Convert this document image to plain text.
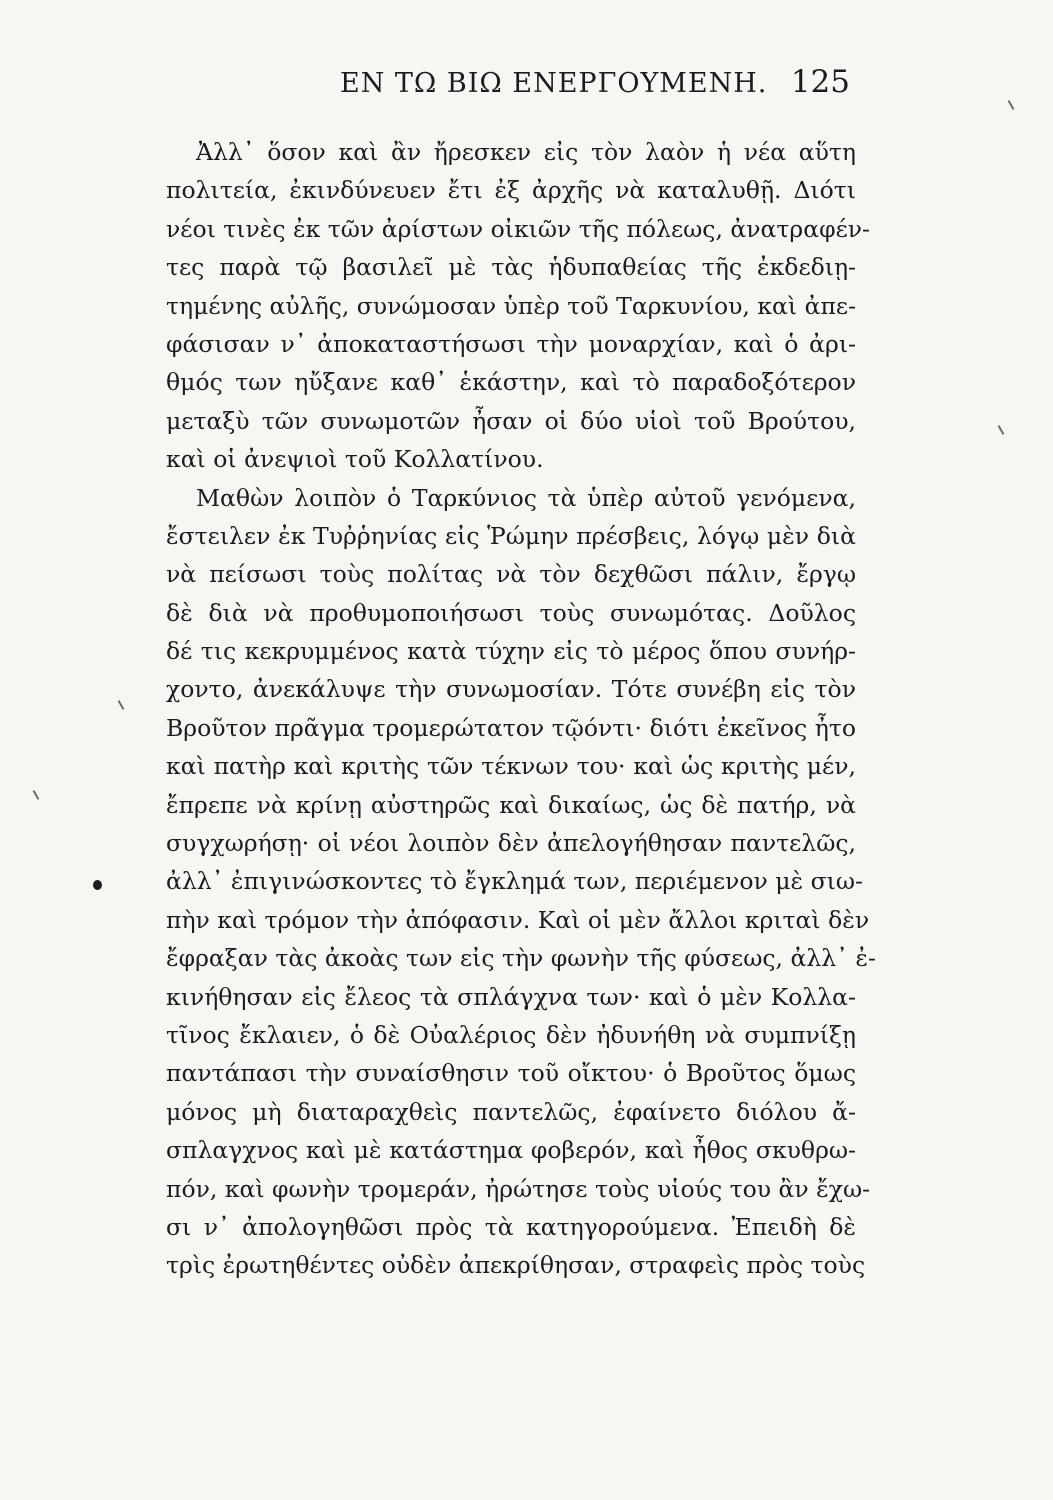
ΕΝ ΤΩ ΒΙΩ ΕΝΕΡΓΟΥΜΕΝΗ. 125
Ἀλλ᾽ ὅσον καὶ ἂν ἤρεσκεν εἰς τὸν λαὸν ἡ νέα αὕτη
πολιτεία, ἐκινδύνευεν ἔτι ἐξ ἀρχῆς νὰ καταλυθῇ. Διότι
νέοι τινὲς ἐκ τῶν ἀρίστων οἰκιῶν τῆς πόλεως, ἀνατραφέν-
τες παρὰ τῷ βασιλεῖ μὲ τὰς ἡδυπαθείας τῆς ἐκδεδιῃ-
τημένης αὐλῆς, συνώμοσαν ὑπὲρ τοῦ Ταρκυνίου, καὶ ἀπε-
φάσισαν ν᾽ ἀποκαταστήσωσι τὴν μοναρχίαν, καὶ ὁ ἀρι-
θμός των ηὔξανε καθ᾽ ἑκάστην, καὶ τὸ παραδοξότερον
μεταξὺ τῶν συνωμοτῶν ἦσαν οἱ δύο υἱοὶ τοῦ Βρούτου,
καὶ οἱ ἀνεψιοὶ τοῦ Κολλατίνου.
Μαθὼν λοιπὸν ὁ Ταρκύνιος τὰ ὑπὲρ αὐτοῦ γενόμενα,
ἔστειλεν ἐκ Τυῤῥηνίας εἰς Ῥώμην πρέσβεις, λόγῳ μὲν διὰ
νὰ πείσωσι τοὺς πολίτας νὰ τὸν δεχθῶσι πάλιν, ἔργῳ
δὲ διὰ νὰ προθυμοποιήσωσι τοὺς συνωμότας. Δοῦλος
δέ τις κεκρυμμένος κατὰ τύχην εἰς τὸ μέρος ὅπου συνήρ-
χοντο, ἀνεκάλυψε τὴν συνωμοσίαν. Τότε συνέβη εἰς τὸν
Βροῦτον πρᾶγμα τρομερώτατον τῷόντι· διότι ἐκεῖνος ἦτο
καὶ πατὴρ καὶ κριτὴς τῶν τέκνων του· καὶ ὡς κριτὴς μέν,
ἔπρεπε νὰ κρίνῃ αὐστηρῶς καὶ δικαίως, ὡς δὲ πατήρ, νὰ
συγχωρήσῃ· οἱ νέοι λοιπὸν δὲν ἀπελογήθησαν παντελῶς,
ἀλλ᾽ ἐπιγινώσκοντες τὸ ἔγκλημά των, περιέμενον μὲ σιω-
πὴν καὶ τρόμον τὴν ἀπόφασιν. Καὶ οἱ μὲν ἄλλοι κριταὶ δὲν
ἔφραξαν τὰς ἀκοὰς των εἰς τὴν φωνὴν τῆς φύσεως, ἀλλ᾽ ἐ-
κινήθησαν εἰς ἔλεος τὰ σπλάγχνα των· καὶ ὁ μὲν Κολλα-
τῖνος ἔκλαιεν, ὁ δὲ Οὐαλέριος δὲν ἠδυνήθη νὰ συμπνίξῃ
παντάπασι τὴν συναίσθησιν τοῦ οἴκτου· ὁ Βροῦτος ὅμως
μόνος μὴ διαταραχθεὶς παντελῶς, ἐφαίνετο διόλου ἄ-
σπλαγχνος καὶ μὲ κατάστημα φοβερόν, καὶ ἦθος σκυθρω-
πόν, καὶ φωνὴν τρομεράν, ἠρώτησε τοὺς υἱούς του ἂν ἔχω-
σι ν᾽ ἀπολογηθῶσι πρὸς τὰ κατηγορούμενα. Ἐπειδὴ δὲ
τρὶς ἐρωτηθέντες οὐδὲν ἀπεκρίθησαν, στραφεὶς πρὸς τοὺς
